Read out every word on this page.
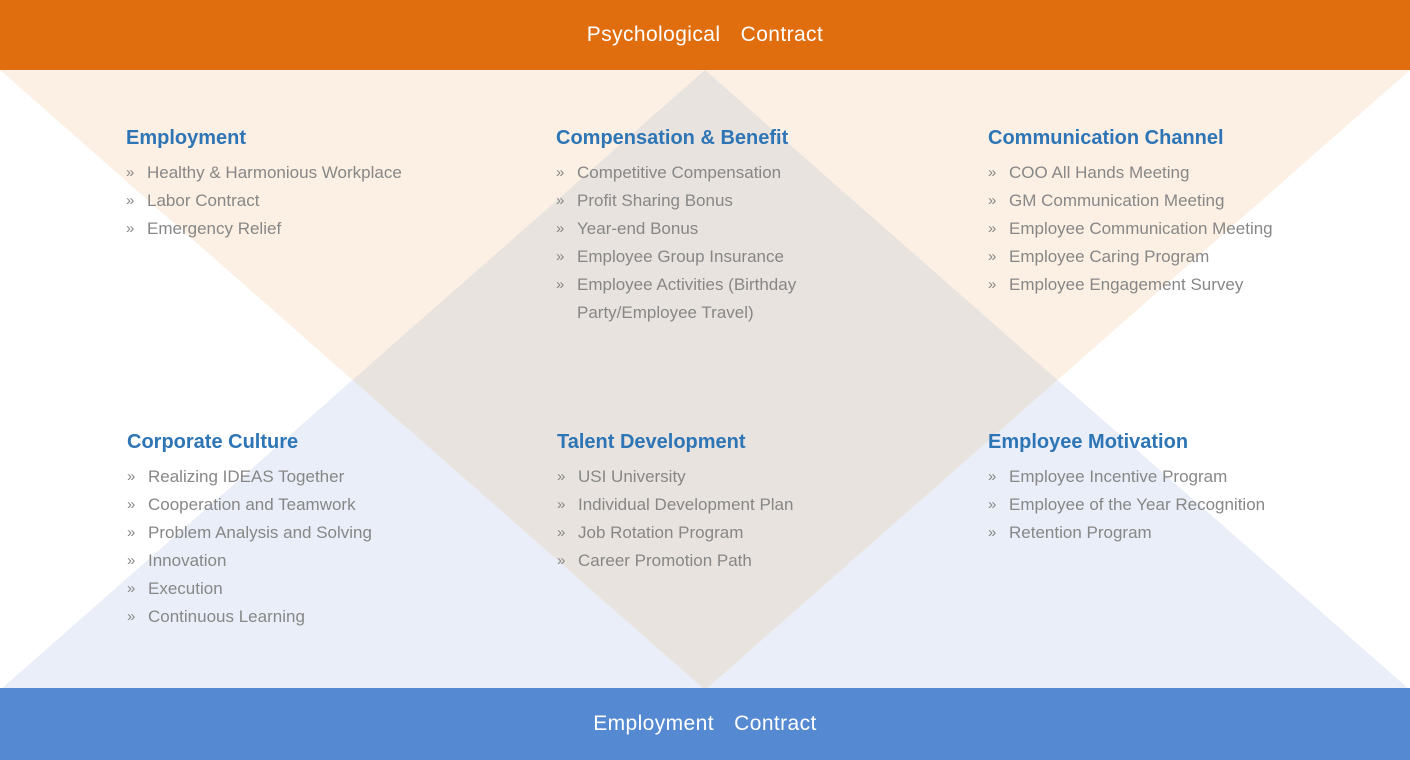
Psychological Contract
Employment
» Healthy & Harmonious Workplace
» Labor Contract
» Emergency Relief
Compensation & Benefit
» Competitive Compensation
» Profit Sharing Bonus
» Year-end Bonus
» Employee Group Insurance
» Employee Activities (Birthday Party/Employee Travel)
Communication Channel
» COO All Hands Meeting
» GM Communication Meeting
» Employee Communication Meeting
» Employee Caring Program
» Employee Engagement Survey
Corporate Culture
» Realizing IDEAS Together
» Cooperation and Teamwork
» Problem Analysis and Solving
» Innovation
» Execution
» Continuous Learning
Talent Development
» USI University
» Individual Development Plan
» Job Rotation Program
» Career Promotion Path
Employee Motivation
» Employee Incentive Program
» Employee of the Year Recognition
» Retention Program
Employment Contract
